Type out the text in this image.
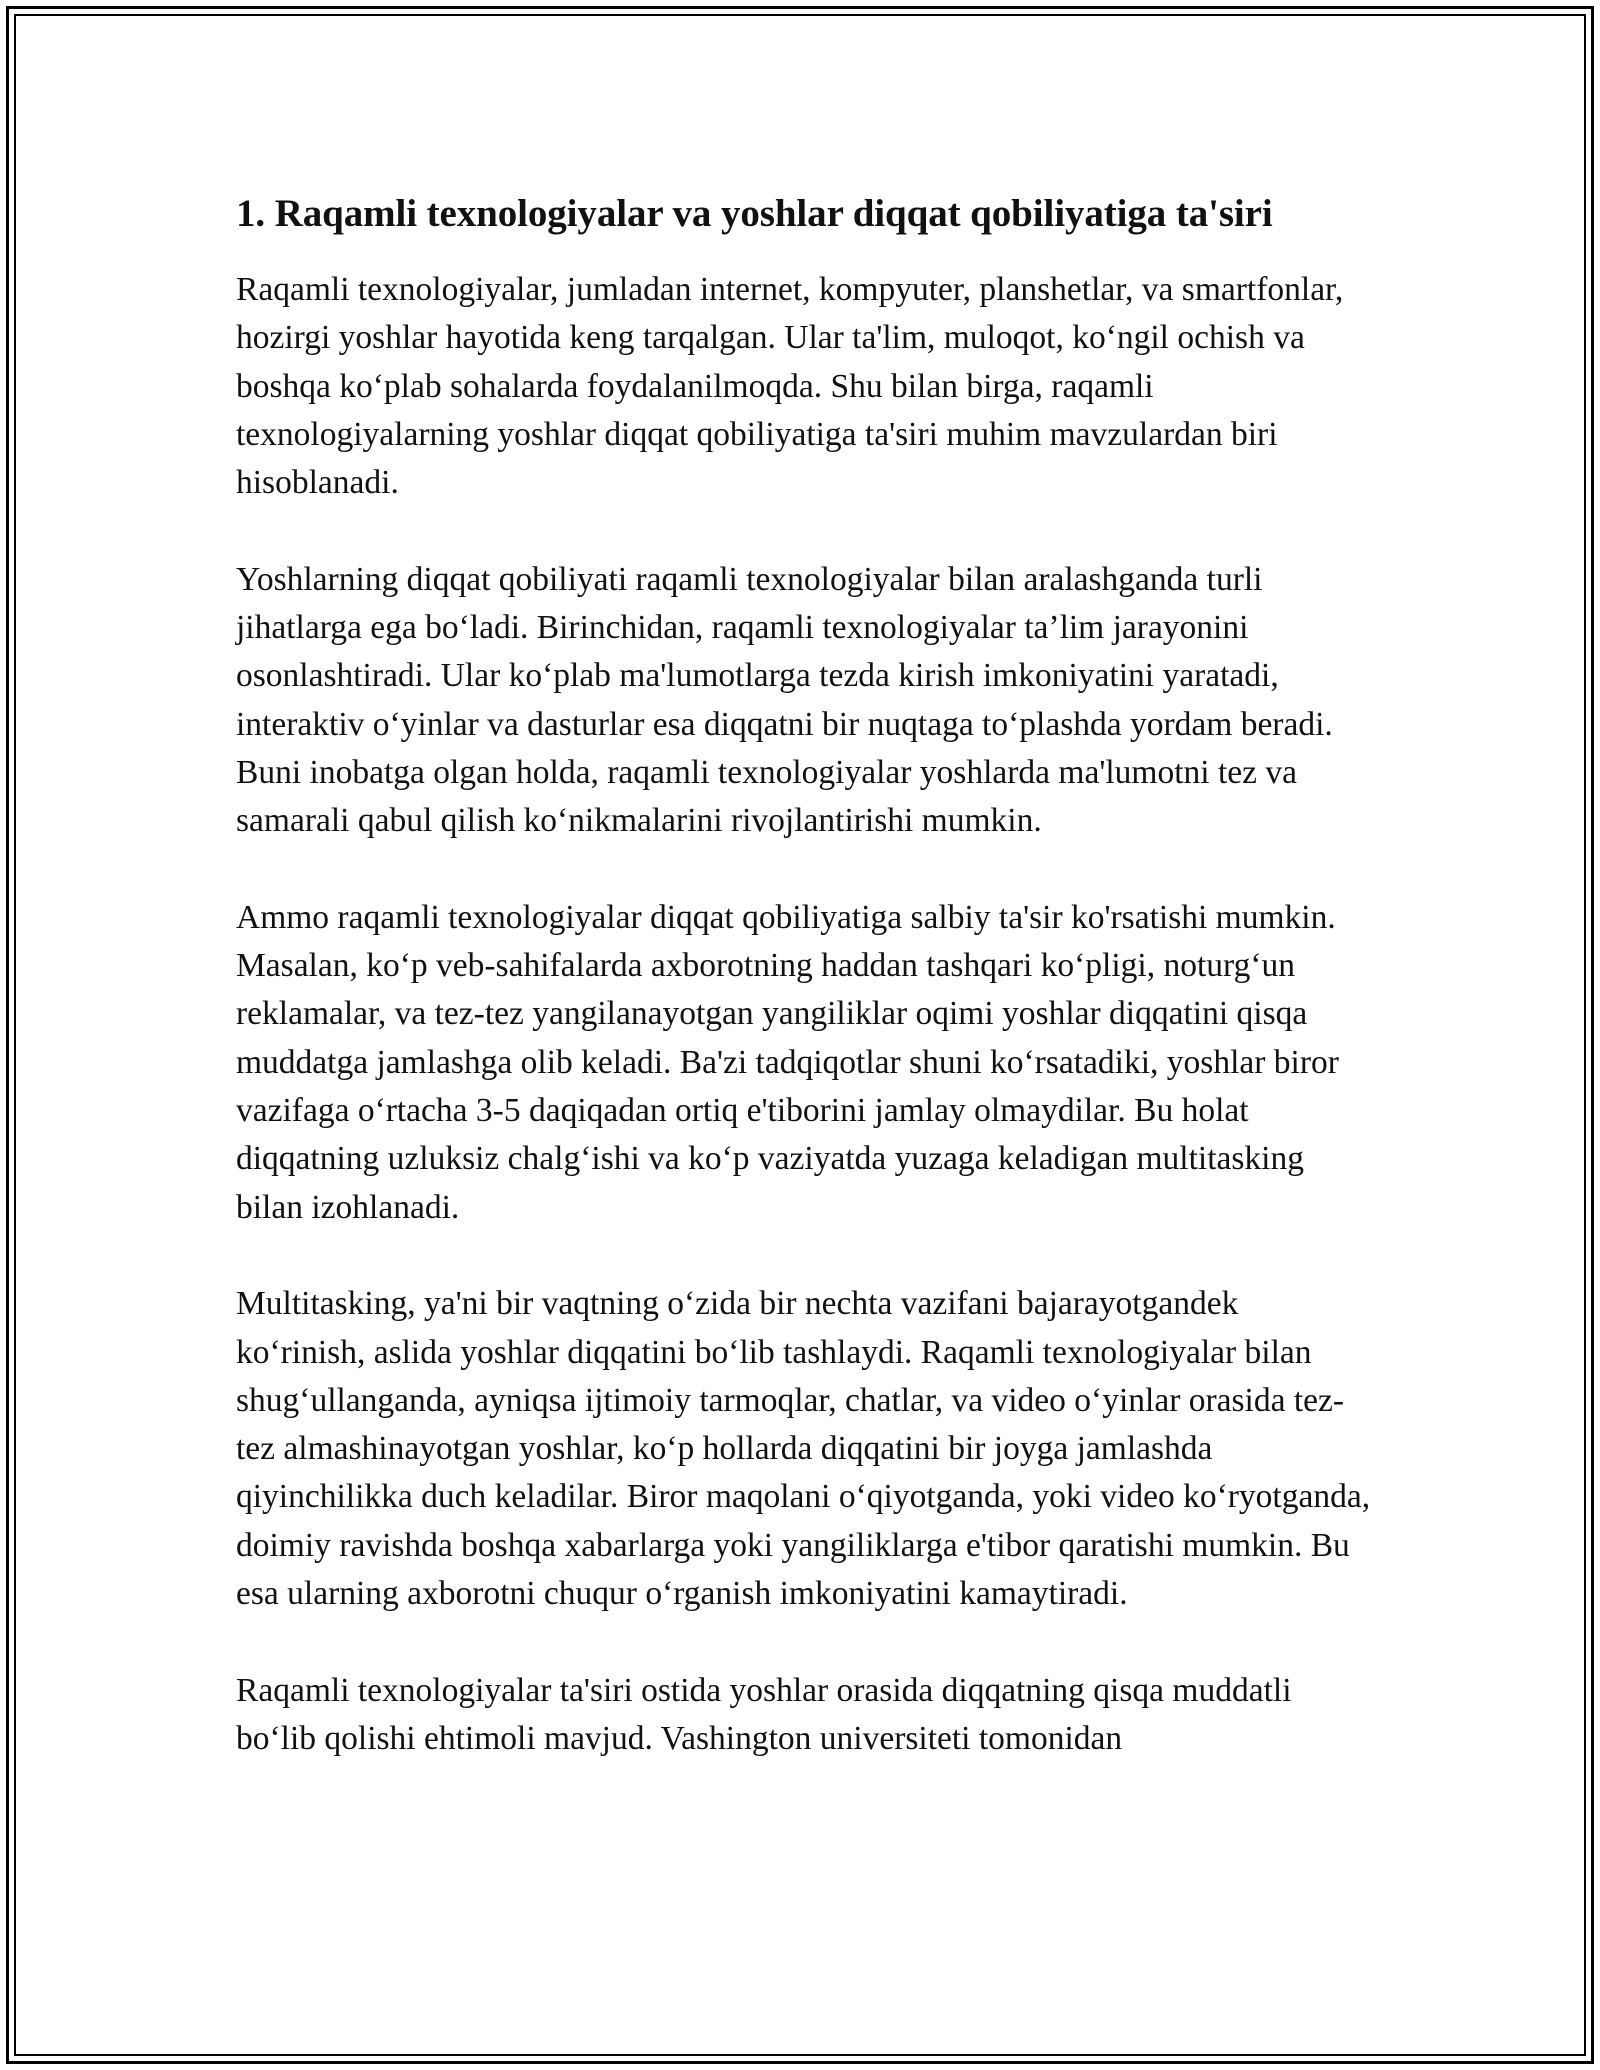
1. Raqamli texnologiyalar va yoshlar diqqat qobiliyatiga ta'siri

Raqamli texnologiyalar, jumladan internet, kompyuter, planshetlar, va smartfonlar, hozirgi yoshlar hayotida keng tarqalgan. Ular ta'lim, muloqot, ko‘ngil ochish va boshqa ko‘plab sohalarda foydalanilmoqda. Shu bilan birga, raqamli texnologiyalarning yoshlar diqqat qobiliyatiga ta'siri muhim mavzulardan biri hisoblanadi.

Yoshlarning diqqat qobiliyati raqamli texnologiyalar bilan aralashganda turli jihatlarga ega bo‘ladi. Birinchidan, raqamli texnologiyalar ta’lim jarayonini osonlashtiradi. Ular ko‘plab ma'lumotlarga tezda kirish imkoniyatini yaratadi, interaktiv o‘yinlar va dasturlar esa diqqatni bir nuqtaga to‘plashda yordam beradi. Buni inobatga olgan holda, raqamli texnologiyalar yoshlarda ma'lumotni tez va samarali qabul qilish ko‘nikmalarini rivojlantirishi mumkin.

Ammo raqamli texnologiyalar diqqat qobiliyatiga salbiy ta'sir ko'rsatishi mumkin. Masalan, ko‘p veb-sahifalarda axborotning haddan tashqari ko‘pligi, noturg‘un reklamalar, va tez-tez yangilanayotgan yangiliklar oqimi yoshlar diqqatini qisqa muddatga jamlashga olib keladi. Ba'zi tadqiqotlar shuni ko‘rsatadiki, yoshlar biror vazifaga o‘rtacha 3-5 daqiqadan ortiq e'tiborini jamlay olmaydilar. Bu holat diqqatning uzluksiz chalg‘ishi va ko‘p vaziyatda yuzaga keladigan multitasking bilan izohlanadi.

Multitasking, ya'ni bir vaqtning o‘zida bir nechta vazifani bajarayotgandek ko‘rinish, aslida yoshlar diqqatini bo‘lib tashlaydi. Raqamli texnologiyalar bilan shug‘ullanganda, ayniqsa ijtimoiy tarmoqlar, chatlar, va video o‘yinlar orasida tez-tez almashinayotgan yoshlar, ko‘p hollarda diqqatini bir joyga jamlashda qiyinchilikka duch keladilar. Biror maqolani o‘qiyotganda, yoki video ko‘ryotganda, doimiy ravishda boshqa xabarlarga yoki yangiliklarga e'tibor qaratishi mumkin. Bu esa ularning axborotni chuqur o‘rganish imkoniyatini kamaytiradi.

Raqamli texnologiyalar ta'siri ostida yoshlar orasida diqqatning qisqa muddatli bo‘lib qolishi ehtimoli mavjud. Vashington universiteti tomonidan
